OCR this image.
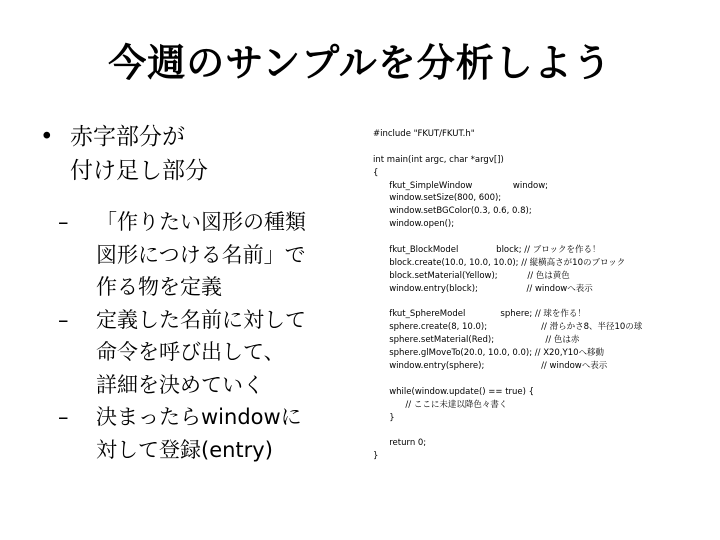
今週のサンプルを分析しよう
• 赤字部分が
付け足し部分
– 「作りたい図形の種類
図形につける名前」で
作る物を定義
– 定義した名前に対して
命令を呼び出して、
詳細を決めていく
– 決まったらwindowに
対して登録(entry)
#include "FKUT/FKUT.h"
int main(int argc, char *argv[])
{
fkut_SimpleWindow               window;
window.setSize(800, 600);
window.setBGColor(0.3, 0.6, 0.8);
window.open();
fkut_BlockModel              block; // ブロックを作る！
block.create(10.0, 10.0, 10.0); // 縦横高さが10のブロック
block.setMaterial(Yellow);           // 色は黄色
window.entry(block);                  // windowへ表示
fkut_SphereModel             sphere; // 球を作る！
sphere.create(8, 10.0);                    // 滑らかさ8、半径10の球
sphere.setMaterial(Red);                   // 色は赤
sphere.glMoveTo(20.0, 10.0, 0.0); // X20,Y10へ移動
window.entry(sphere);                     // windowへ表示
while(window.update() == true) {
// ここに未達以降色々書く
}
return 0;
}
